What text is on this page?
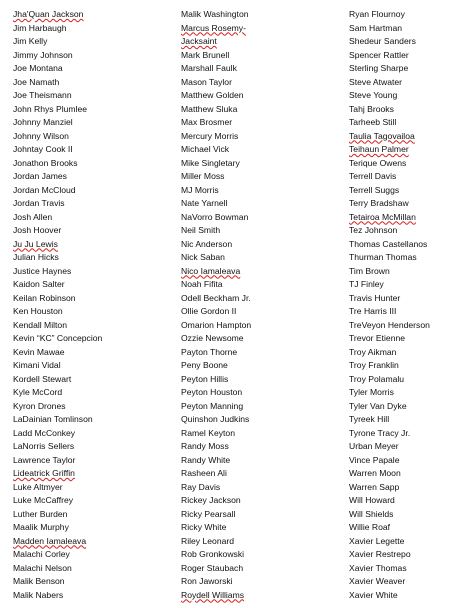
Jha'Quan Jackson
Jim Harbaugh
Jim Kelly
Jimmy Johnson
Joe Montana
Joe Namath
Joe Theismann
John Rhys Plumlee
Johnny Manziel
Johnny Wilson
Johntay Cook II
Jonathon Brooks
Jordan James
Jordan McCloud
Jordan Travis
Josh Allen
Josh Hoover
Ju Ju Lewis
Julian Hicks
Justice Haynes
Kaidon Salter
Keilan Robinson
Ken Houston
Kendall Milton
Kevin “KC” Concepcion
Kevin Mawae
Kimani Vidal
Kordell Stewart
Kyle McCord
Kyron Drones
LaDainian Tomlinson
Ladd McConkey
LaNorris Sellers
Lawrence Taylor
Lideatrick Griffin
Luke Altmyer
Luke McCaffrey
Luther Burden
Maalik Murphy
Madden Iamaleava
Malachi Corley
Malachi Nelson
Malik Benson
Malik Nabers
Malik Washington
Marcus Rosemy-
Jacksaint
Mark Brunell
Marshall Faulk
Mason Taylor
Matthew Golden
Matthew Sluka
Max Brosmer
Mercury Morris
Michael Vick
Mike Singletary
Miller Moss
MJ Morris
Nate Yarnell
NaVorro Bowman
Neil Smith
Nic Anderson
Nick Saban
Nico Iamaleava
Noah Fifita
Odell Beckham Jr.
Ollie Gordon II
Omarion Hampton
Ozzie Newsome
Payton Thorne
Peny Boone
Peyton Hillis
Peyton Houston
Peyton Manning
Quinshon Judkins
Ramel Keyton
Randy Moss
Randy White
Rasheen Ali
Ray Davis
Rickey Jackson
Ricky Pearsall
Ricky White
Riley Leonard
Rob Gronkowski
Roger Staubach
Ron Jaworski
Roydell Williams
Ryan Flournoy
Sam Hartman
Shedeur Sanders
Spencer Rattler
Sterling Sharpe
Steve Atwater
Steve Young
Tahj Brooks
Tarheeb Still
Taulia Tagovailoa
Teihaun Palmer
Terique Owens
Terrell Davis
Terrell Suggs
Terry Bradshaw
Tetairoa McMillan
Tez Johnson
Thomas Castellanos
Thurman Thomas
Tim Brown
TJ Finley
Travis Hunter
Tre Harris III
TreVeyon Henderson
Trevor Etienne
Troy Aikman
Troy Franklin
Troy Polamalu
Tyler Morris
Tyler Van Dyke
Tyreek Hill
Tyrone Tracy Jr.
Urban Meyer
Vince Papale
Warren Moon
Warren Sapp
Will Howard
Will Shields
Willie Roaf
Xavier Legette
Xavier Restrepo
Xavier Thomas
Xavier Weaver
Xavier White
